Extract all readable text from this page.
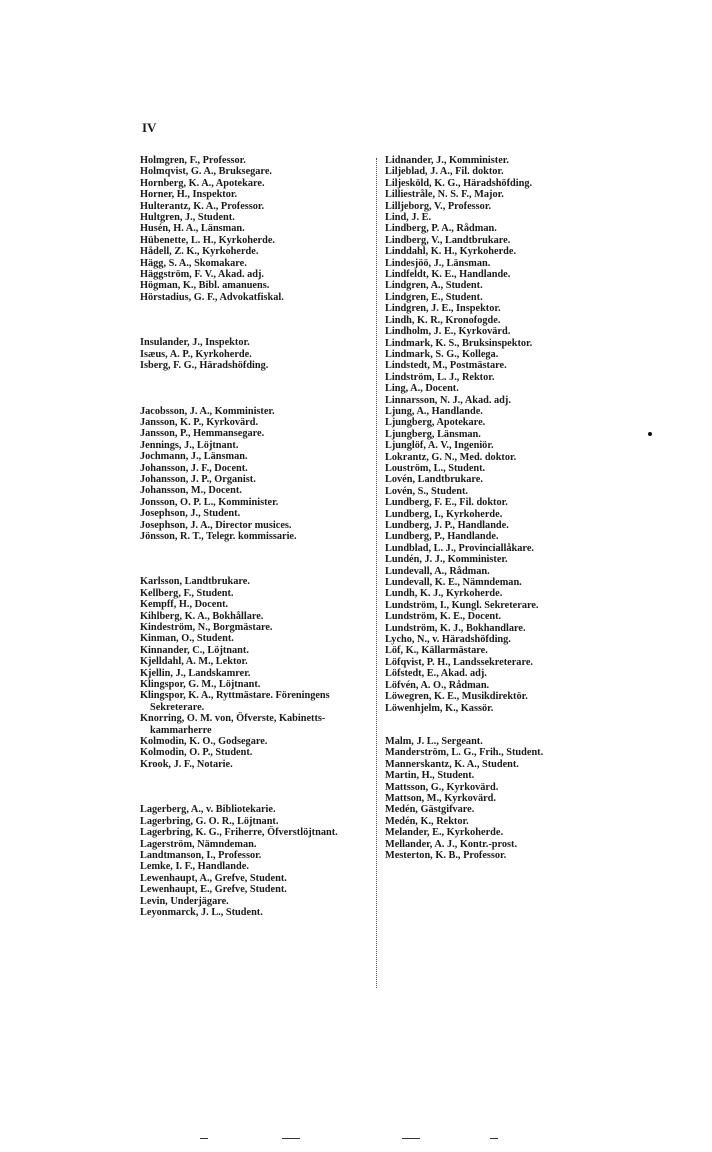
IV
Holmgren, F., Professor.
Holmqvist, G. A., Bruksegare.
Hornberg, K. A., Apotekare.
Horner, H., Inspektor.
Hulterantz, K. A., Professor.
Hultgren, J., Student.
Husén, H. A., Länsman.
Hübenette, L. H., Kyrkoherde.
Hådell, Z. K., Kyrkoherde.
Hägg, S. A., Skomakare.
Häggström, F. V., Akad. adj.
Högman, K., Bibl. amanuens.
Hörstadius, G. F., Advokatfiskal.
Insulander, J., Inspektor.
Isæus, A. P., Kyrkoherde.
Isberg, F. G., Häradshöfding.
Jacobsson, J. A., Komminister.
Jansson, K. P., Kyrkovärd.
Jansson, P., Hemmansegare.
Jennings, J., Löjtnant.
Jochmann, J., Länsman.
Johansson, J. F., Docent.
Johansson, J. P., Organist.
Johansson, M., Docent.
Jonsson, O. P. L., Komminister.
Josephson, J., Student.
Josephson, J. A., Director musices.
Jönsson, R. T., Telegr. kommissarie.
Karlsson, Landtbrukare.
Kellberg, F., Student.
Kempff, H., Docent.
Kihlberg, K. A., Bokhållare.
Kindeström, N., Borgmästare.
Kinman, O., Student.
Kinnander, C., Löjtnant.
Kjelldahl, A. M., Lektor.
Kjellin, J., Landskamrer.
Klingspor, G. M., Löjtnant.
Klingspor, K. A., Ryttmästare. Föreningens
Sekreterare.
Knorring, O. M. von, Öfverste, Kabinetts-
kammarherre
Kolmodin, K. O., Godsegare.
Kolmodin, O. P., Student.
Krook, J. F., Notarie.
Lagerberg, A., v. Bibliotekarie.
Lagerbring, G. O. R., Löjtnant.
Lagerbring, K. G., Friherre, Öfverstlöjtnant.
Lagerström, Nämndeman.
Landtmanson, I., Professor.
Lemke, I. F., Handlande.
Lewenhaupt, A., Grefve, Student.
Lewenhaupt, E., Grefve, Student.
Levin, Underjägare.
Leyonmarck, J. L., Student.
Lidnander, J., Komminister.
Liljeblad, J. A., Fil. doktor.
Liljesköld, K. G., Häradshöfding.
Lilliestråle, N. S. F., Major.
Lilljeborg, V., Professor.
Lind, J. E.
Lindberg, P. A., Rådman.
Lindberg, V., Landtbrukare.
Linddahl, K. H., Kyrkoherde.
Lindesjöö, J., Länsman.
Lindfeldt, K. E., Handlande.
Lindgren, A., Student.
Lindgren, E., Student.
Lindgren, J. E., Inspektor.
Lindh, K. R., Kronofogde.
Lindholm, J. E., Kyrkovärd.
Lindmark, K. S., Bruksinspektor.
Lindmark, S. G., Kollega.
Lindstedt, M., Postmästare.
Lindström, L. J., Rektor.
Ling, A., Docent.
Linnarsson, N. J., Akad. adj.
Ljung, A., Handlande.
Ljungberg, Apotekare.
Ljungberg, Länsman.
Ljunglöf, A. V., Ingeniör.
Lokrantz, G. N., Med. doktor.
Louström, L., Student.
Lovén, Landtbrukare.
Lovén, S., Student.
Lundberg, F. E., Fil. doktor.
Lundberg, I., Kyrkoherde.
Lundberg, J. P., Handlande.
Lundberg, P., Handlande.
Lundblad, L. J., Provinciallåkare.
Lundén, J. J., Komminister.
Lundevall, A., Rådman.
Lundevall, K. E., Nämndeman.
Lundh, K. J., Kyrkoherde.
Lundström, I., Kungl. Sekreterare.
Lundström, K. E., Docent.
Lundström, K. J., Bokhandlare.
Lycho, N., v. Häradshöfding.
Löf, K., Källarmästare.
Löfqvist, P. H., Landssekreterare.
Löfstedt, E., Akad. adj.
Löfvén, A. O., Rådman.
Löwegren, K. E., Musikdirektör.
Löwenhjelm, K., Kassör.
Malm, J. L., Sergeant.
Manderström, L. G., Frih., Student.
Mannerskantz, K. A., Student.
Martin, H., Student.
Mattsson, G., Kyrkovärd.
Mattson, M., Kyrkovärd.
Medén, Gästgifvare.
Medén, K., Rektor.
Melander, E., Kyrkoherde.
Mellander, A. J., Kontr.-prost.
Mesterton, K. B., Professor.
